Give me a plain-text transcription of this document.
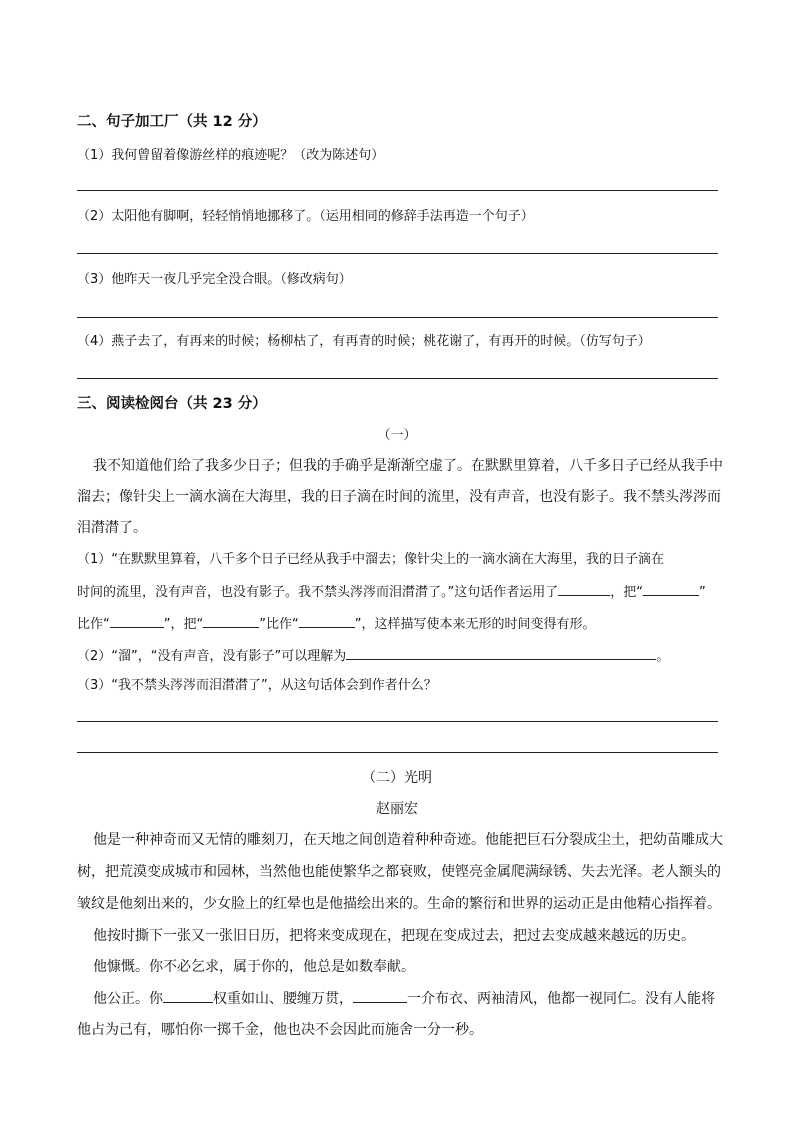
二、句子加工厂（共 12 分）
（1）我何曾留着像游丝样的痕迹呢？（改为陈述句）
（2）太阳他有脚啊，轻轻悄悄地挪移了。（运用相同的修辞手法再造一个句子）
（3）他昨天一夜几乎完全没合眼。（修改病句）
（4）燕子去了，有再来的时候；杨柳枯了，有再青的时候；桃花谢了，有再开的时候。（仿写句子）
三、阅读检阅台（共 23 分）
（一）
我不知道他们给了我多少日子；但我的手确乎是渐渐空虚了。在默默里算着，八千多日子已经从我手中
溜去；像针尖上一滴水滴在大海里，我的日子滴在时间的流里，没有声音，也没有影子。我不禁头涔涔而
泪潸潸了。
（1）“在默默里算着，八千多个日子已经从我手中溜去；像针尖上的一滴水滴在大海里，我的日子滴在
时间的流里，没有声音，也没有影子。我不禁头涔涔而泪潸潸了。”这句话作者运用了	，把“	”
比作“	”，把“	”比作“	”，这样描写使本来无形的时间变得有形。
（2）“溜”，“没有声音，没有影子”可以理解为	。
（3）“我不禁头涔涔而泪潸潸了”，从这句话体会到作者什么？
（二）光明
赵丽宏
他是一种神奇而又无情的雕刻刀，在天地之间创造着种种奇迹。他能把巨石分裂成尘土，把幼苗雕成大
树，把荒漠变成城市和园林，当然他也能使繁华之都衰败，使铿亮金属爬满绿锈、失去光泽。老人额头的
皱纹是他刻出来的，少女脸上的红晕也是他描绘出来的。生命的繁衍和世界的运动正是由他精心指挥着。
他按时撕下一张又一张旧日历，把将来变成现在，把现在变成过去，把过去变成越来越远的历史。
他慷慨。你不必乞求，属于你的，他总是如数奉献。
他公正。你	权重如山、腰缠万贯，	一介布衣、两袖清风，他都一视同仁。没有人能将
他占为己有，哪怕你一掷千金，他也决不会因此而施舍一分一秒。
